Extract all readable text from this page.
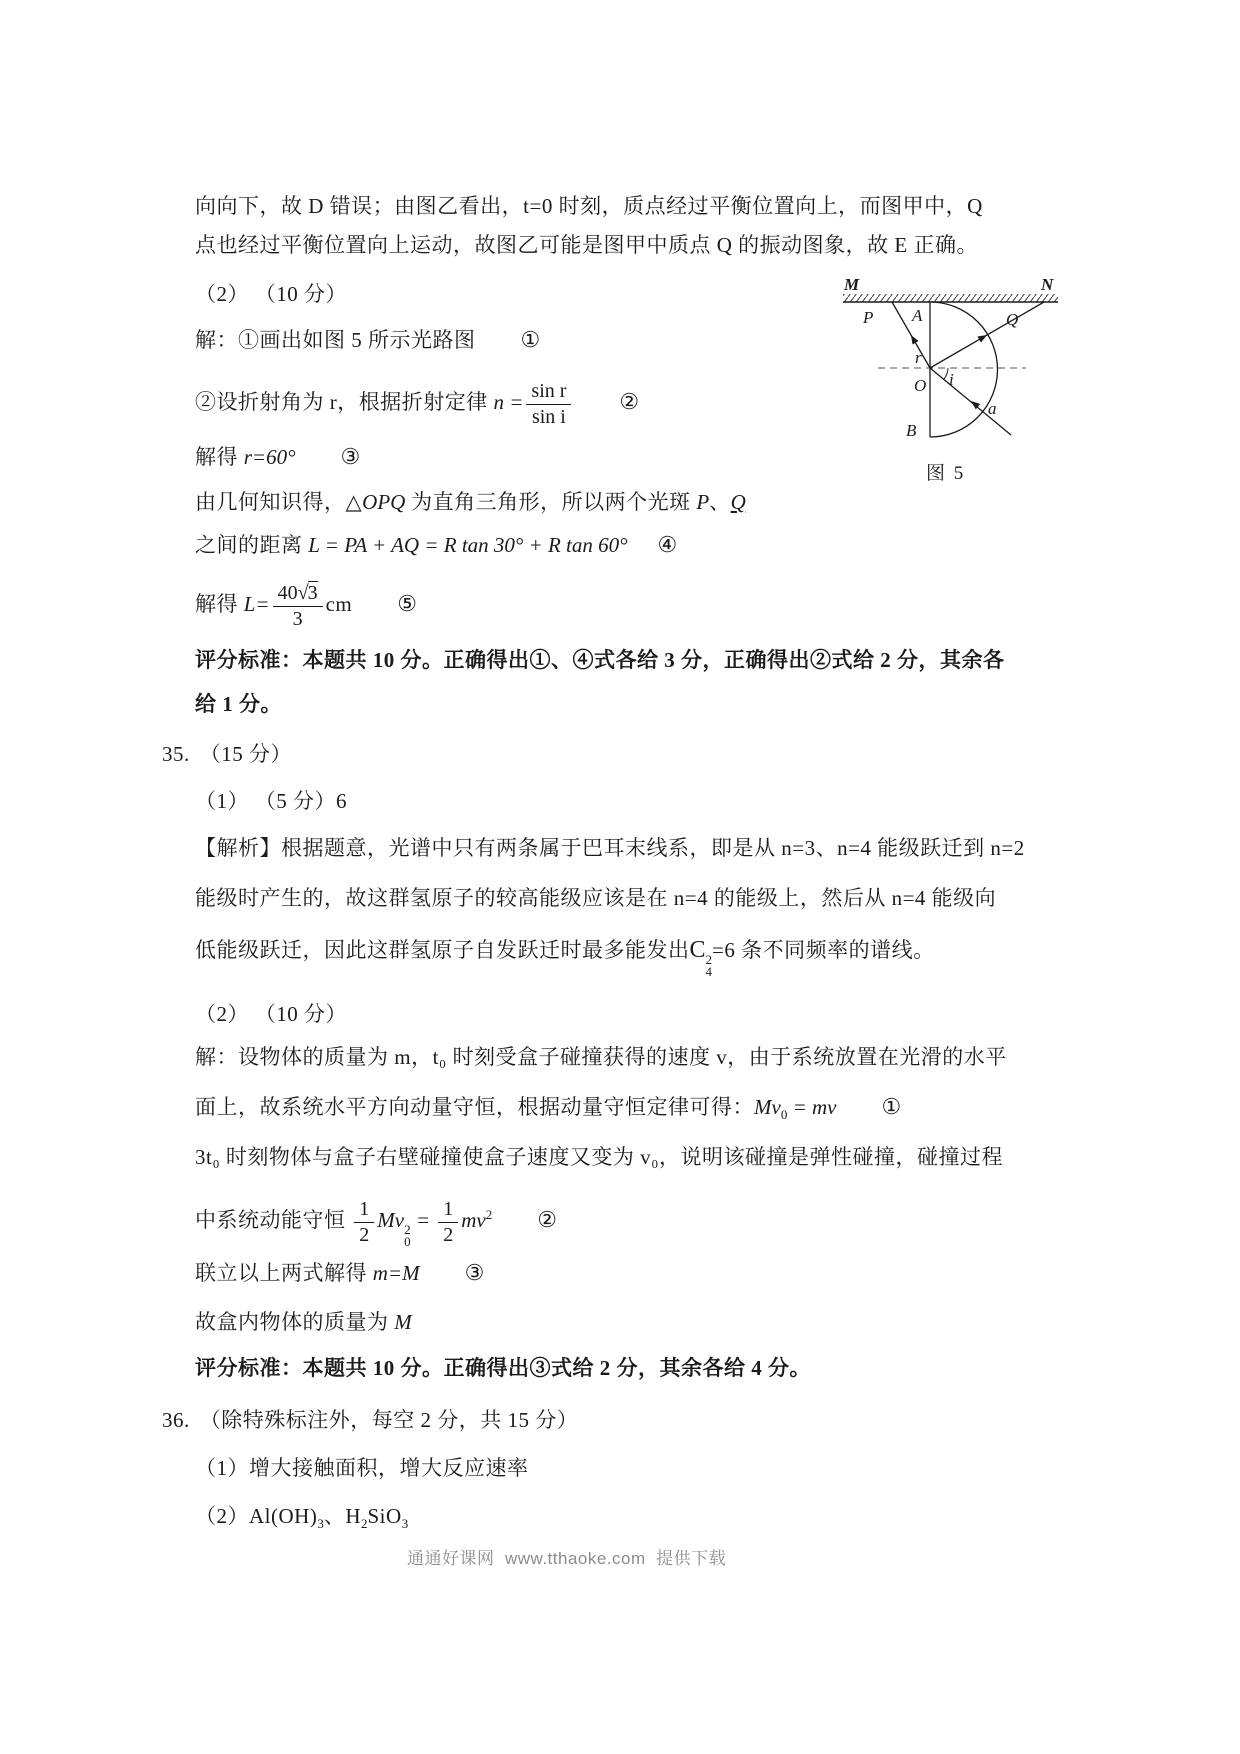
向向下，故 D 错误；由图乙看出，t=0 时刻，质点经过平衡位置向上，而图甲中，Q
点也经过平衡位置向上运动，故图乙可能是图甲中质点 Q 的振动图象，故 E 正确。
（2） （10 分）
解：①画出如图 5 所示光路图 ①
②设折射角为 r，根据折射定律 $n = \frac{\text{sin r}}{\text{sin i}}$ ②
解得 r=60° ③
由几何知识得，△OPQ 为直角三角形，所以两个光斑 P、Q
之间的距离 L = PA + AQ = R tan 30° + R tan 60° ④
解得 $L= \frac{40√3}{3}$ cm ⑤
评分标准：本题共 10 分。正确得出①、④式各给 3 分，正确得出②式给 2 分，其余各
给 1 分。
35. （15 分）
（1） （5 分）6
【解析】根据题意，光谱中只有两条属于巴耳末线系，即是从 n=3、n=4 能级跃迁到 n=2
能级时产生的，故这群氢原子的较高能级应该是在 n=4 的能级上，然后从 n=4 能级向
低能级跃迁，因此这群氢原子自发跃迁时最多能发出C 2
4
=6 条不同频率的谱线。
（2） （10 分）
解：设物体的质量为 m，t₀ 时刻受盒子碰撞获得的速度 v，由于系统放置在光滑的水平
面上，故系统水平方向动量守恒，根据动量守恒定律可得：$Mv_0$ = mv ①
3t₀ 时刻物体与盒子右壁碰撞使盒子速度又变为 v₀，说明该碰撞是弹性碰撞，碰撞过程
中系统动能守恒 $\frac{1}{2}$ Mv 2
0
= $\frac{1}{2} mv^2$ ②
联立以上两式解得 m=M ③
故盒内物体的质量为 M
评分标准：本题共 10 分。正确得出③式给 2 分，其余各给 4 分。
36. （除特殊标注外，每空 2 分，共 15 分）
（1）增大接触面积，增大反应速率
$(2)Al(OH)_3$、$H_2SiO_3$
M	N
P A	Q
O
B
r
i
a
图 5
通通好课网  www.tthaoke.com  提供下载
